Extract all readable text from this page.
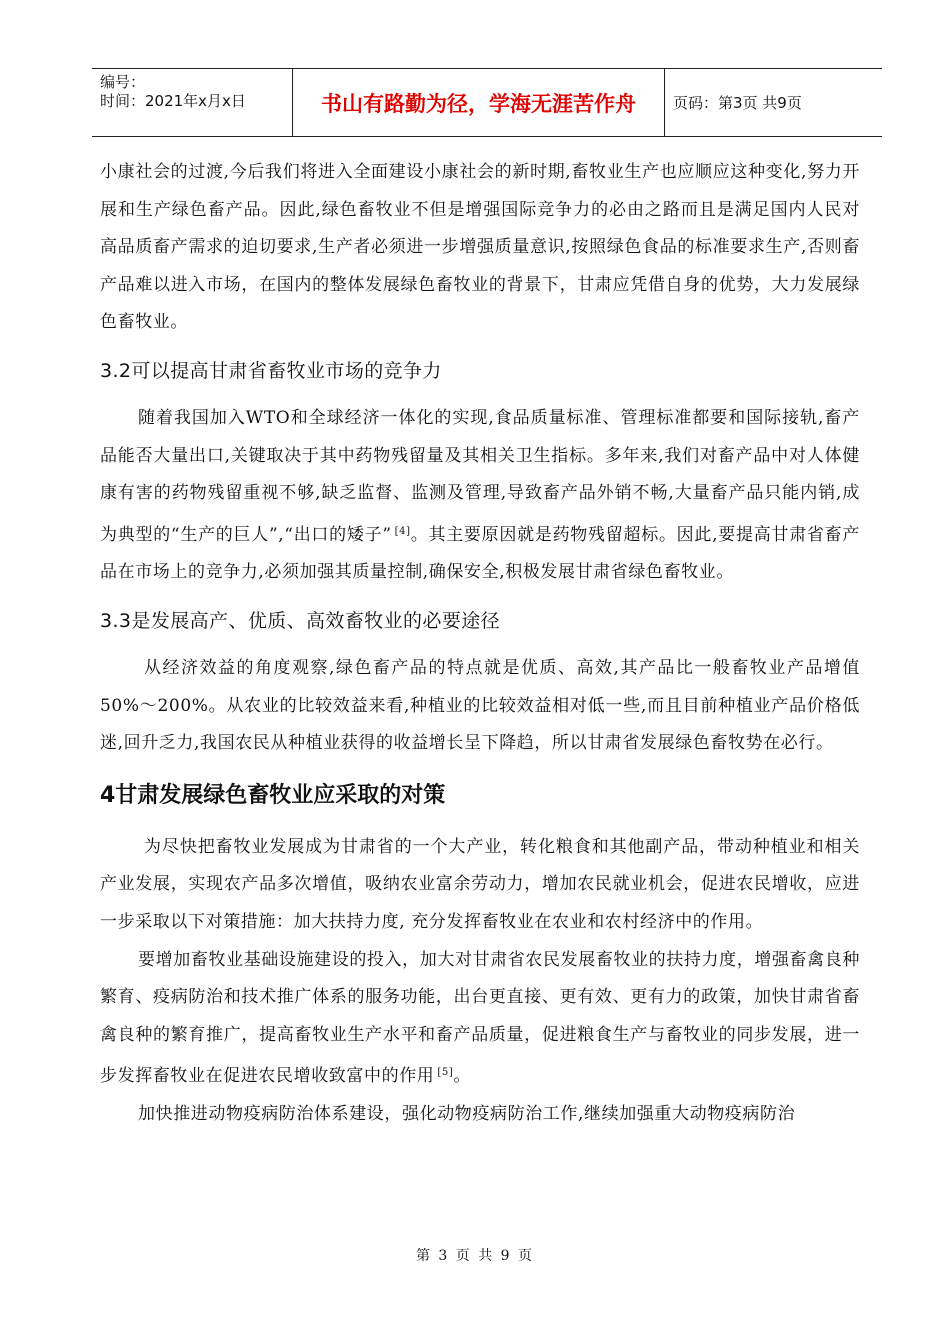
编号：
时间：2021年x月x日	书山有路勤为径，学海无涯苦作舟	页码：第3页 共9页

小康社会的过渡,今后我们将进入全面建设小康社会的新时期,畜牧业生产也应顺应这种变化,努力开展和生产绿色畜产品。因此,绿色畜牧业不但是增强国际竞争力的必由之路而且是满足国内人民对高品质畜产需求的迫切要求,生产者必须进一步增强质量意识,按照绿色食品的标准要求生产,否则畜产品难以进入市场，在国内的整体发展绿色畜牧业的背景下，甘肃应凭借自身的优势，大力发展绿色畜牧业。

3.2可以提高甘肃省畜牧业市场的竞争力

随着我国加入WTO和全球经济一体化的实现,食品质量标准、管理标准都要和国际接轨,畜产品能否大量出口,关键取决于其中药物残留量及其相关卫生指标。多年来,我们对畜产品中对人体健康有害的药物残留重视不够,缺乏监督、监测及管理,导致畜产品外销不畅,大量畜产品只能内销,成为典型的“生产的巨人”,“出口的矮子” [4]。其主要原因就是药物残留超标。因此,要提高甘肃省畜产品在市场上的竞争力,必须加强其质量控制,确保安全,积极发展甘肃省绿色畜牧业。

3.3是发展高产、优质、高效畜牧业的必要途径

从经济效益的角度观察,绿色畜产品的特点就是优质、高效,其产品比一般畜牧业产品增值50%～200%。从农业的比较效益来看,种植业的比较效益相对低一些,而且目前种植业产品价格低迷,回升乏力,我国农民从种植业获得的收益增长呈下降趋，所以甘肃省发展绿色畜牧势在必行。

4甘肃发展绿色畜牧业应采取的对策

为尽快把畜牧业发展成为甘肃省的一个大产业，转化粮食和其他副产品，带动种植业和相关产业发展，实现农产品多次增值，吸纳农业富余劳动力，增加农民就业机会，促进农民增收，应进一步采取以下对策措施：加大扶持力度, 充分发挥畜牧业在农业和农村经济中的作用。

要增加畜牧业基础设施建设的投入，加大对甘肃省农民发展畜牧业的扶持力度，增强畜禽良种繁育、疫病防治和技术推广体系的服务功能，出台更直接、更有效、更有力的政策，加快甘肃省畜禽良种的繁育推广，提高畜牧业生产水平和畜产品质量，促进粮食生产与畜牧业的同步发展，进一步发挥畜牧业在促进农民增收致富中的作用 [5]。

加快推进动物疫病防治体系建设，强化动物疫病防治工作,继续加强重大动物疫病防治

第 3 页 共 9 页
